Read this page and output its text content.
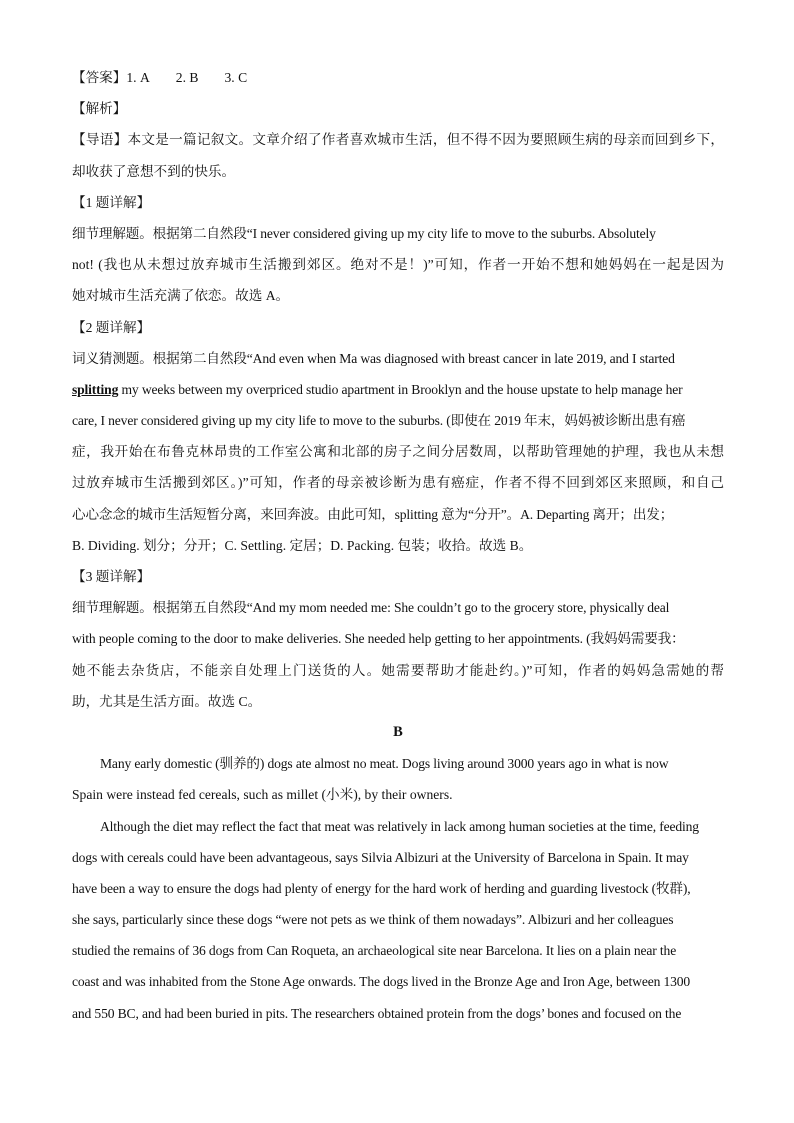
【答案】1. A 2. B 3. C
【解析】
【导语】本文是一篇记叙文。文章介绍了作者喜欢城市生活，但不得不因为要照顾生病的母亲而回到乡下，
却收获了意想不到的快乐。
【1 题详解】
细节理解题。根据第二自然段“I never considered giving up my city life to move to the suburbs. Absolutely
not! (我也从未想过放弃城市生活搬到郊区。绝对不是！)”可知，作者一开始不想和她妈妈在一起是因为
她对城市生活充满了依恋。故选 A。
【2 题详解】
词义猜测题。根据第二自然段“And even when Ma was diagnosed with breast cancer in late 2019, and I started
splitting my weeks between my overpriced studio apartment in Brooklyn and the house upstate to help manage her
care, I never considered giving up my city life to move to the suburbs. (即使在 2019 年末，妈妈被诊断出患有癌
症，我开始在布鲁克林昂贵的工作室公寓和北部的房子之间分居数周，以帮助管理她的护理，我也从未想
过放弃城市生活搬到郊区。)”可知，作者的母亲被诊断为患有癌症，作者不得不回到郊区来照顾，和自己
心心念念的城市生活短暂分离，来回奔波。由此可知，splitting 意为“分开”。A. Departing 离开；出发；
B. Dividing. 划分；分开；C. Settling. 定居；D. Packing. 包装；收拾。故选 B。
【3 题详解】
细节理解题。根据第五自然段“And my mom needed me: She couldn’t go to the grocery store, physically deal
with people coming to the door to make deliveries. She needed help getting to her appointments. (我妈妈需要我：
她不能去杂货店，不能亲自处理上门送货的人。她需要帮助才能赴约。)”可知，作者的妈妈急需她的帮
助，尤其是生活方面。故选 C。
B
Many early domestic (驯养的) dogs ate almost no meat. Dogs living around 3000 years ago in what is now
Spain were instead fed cereals, such as millet (小米), by their owners.
Although the diet may reflect the fact that meat was relatively in lack among human societies at the time, feeding
dogs with cereals could have been advantageous, says Silvia Albizuri at the University of Barcelona in Spain. It may
have been a way to ensure the dogs had plenty of energy for the hard work of herding and guarding livestock (牧群),
she says, particularly since these dogs “were not pets as we think of them nowadays”. Albizuri and her colleagues
studied the remains of 36 dogs from Can Roqueta, an archaeological site near Barcelona. It lies on a plain near the
coast and was inhabited from the Stone Age onwards. The dogs lived in the Bronze Age and Iron Age, between 1300
and 550 BC, and had been buried in pits. The researchers obtained protein from the dogs’ bones and focused on the
